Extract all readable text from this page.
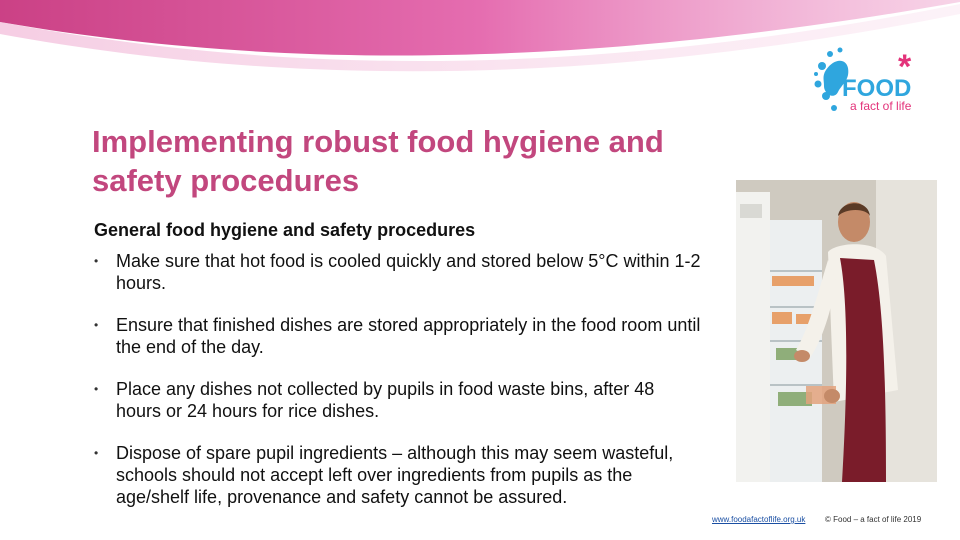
FOOD
a fact of life
*
Implementing robust food hygiene and safety procedures
General food hygiene and safety procedures
• Make sure that hot food is cooled quickly and stored below 5°C within 1-2 hours.
• Ensure that finished dishes are stored appropriately in the food room until the end of the day.
• Place any dishes not collected by pupils in food waste bins, after 48 hours or 24 hours for rice dishes.
• Dispose of spare pupil ingredients – although this may seem wasteful, schools should not accept left over ingredients from pupils as the age/shelf life, provenance and safety cannot be assured.
www.foodafactoflife.org.uk © Food – a fact of life 2019
